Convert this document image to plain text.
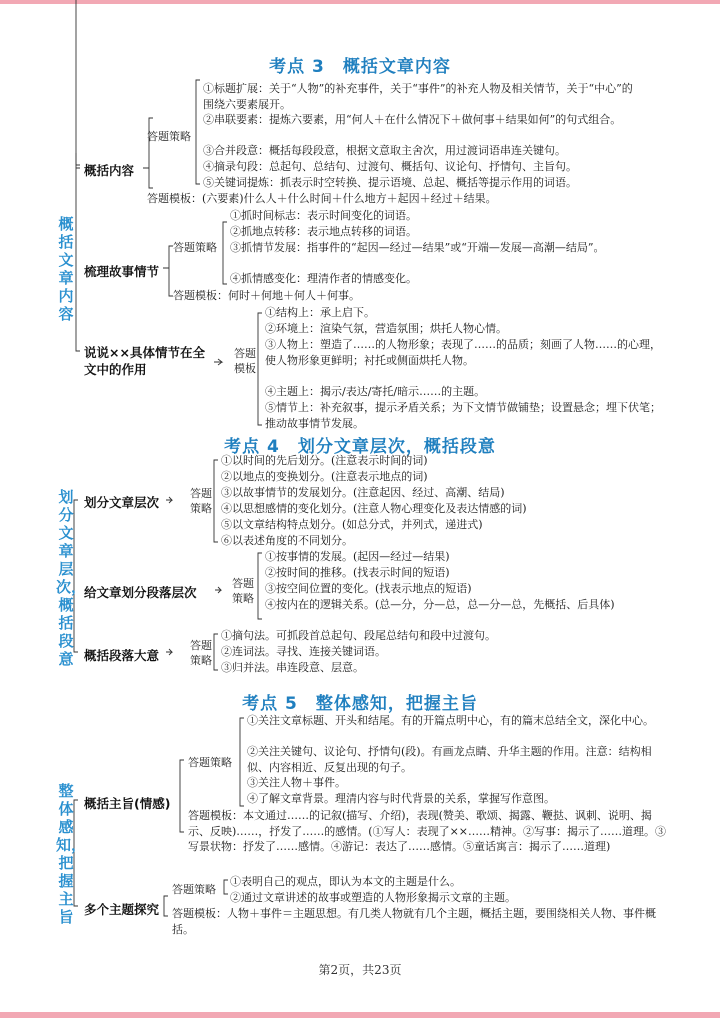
考点 3　概括文章内容
概括文章内容
概括内容
答题策略
①标题扩展：关于“人物”的补充事件，关于“事件”的补充人物及相关情节，关于“中心”的围绕六要素展开。
②串联要素：提炼六要素，用“何人＋在什么情况下＋做何事＋结果如何”的句式组合。
③合并段意：概括每段段意，根据文意取主舍次，用过渡词语串连关键句。
④摘录句段：总起句、总结句、过渡句、概括句、议论句、抒情句、主旨句。
⑤关键词提炼：抓表示时空转换、提示语境、总起、概括等提示作用的词语。
答题模板：(六要素)什么人＋什么时间＋什么地方＋起因＋经过＋结果。
梳理故事情节
答题策略
①抓时间标志：表示时间变化的词语。
②抓地点转移：表示地点转移的词语。
③抓情节发展：指事件的“起因—经过—结果”或“开端—发展—高潮—结局”。
④抓情感变化：理清作者的情感变化。
答题模板：何时＋何地＋何人＋何事。
说说××具体情节在全文中的作用
答题模板
①结构上：承上启下。
②环境上：渲染气氛，营造氛围；烘托人物心情。
③人物上：塑造了……的人物形象；表现了……的品质；刻画了人物……的心理，使人物形象更鲜明；衬托或侧面烘托人物。
④主题上：揭示/表达/寄托/暗示……的主题。
⑤情节上：补充叙事，提示矛盾关系；为下文情节做铺垫；设置悬念；埋下伏笔；推动故事情节发展。
考点 4　划分文章层次，概括段意
划分文章层次，概括段意
划分文章层次
答题策略
①以时间的先后划分。(注意表示时间的词)
②以地点的变换划分。(注意表示地点的词)
③以故事情节的发展划分。(注意起因、经过、高潮、结局)
④以思想感情的变化划分。(注意人物心理变化及表达情感的词)
⑤以文章结构特点划分。(如总分式，并列式，递进式)
⑥以表述角度的不同划分。
给文章划分段落层次
答题策略
①按事情的发展。(起因—经过—结果)
②按时间的推移。(找表示时间的短语)
③按空间位置的变化。(找表示地点的短语)
④按内在的逻辑关系。(总—分，分—总，总—分—总，先概括、后具体)
概括段落大意
答题策略
①摘句法。可抓段首总起句、段尾总结句和段中过渡句。
②连词法。寻找、连接关键词语。
③归并法。串连段意、层意。
考点 5　整体感知，把握主旨
整体感知，把握主旨
概括主旨(情感)
答题策略
①关注文章标题、开头和结尾。有的开篇点明中心，有的篇末总结全文，深化中心。
②关注关键句、议论句、抒情句(段)。有画龙点睛、升华主题的作用。注意：结构相似、内容相近、反复出现的句子。
③关注人物＋事件。
④了解文章背景。理清内容与时代背景的关系，掌握写作意图。
答题模板：本文通过……的记叙(描写、介绍)，表现(赞美、歌颂、揭露、鞭挞、讽刺、说明、揭示、反映)……，抒发了……的感情。(①写人：表现了××……精神。②写事：揭示了……道理。③写景状物：抒发了……感情。④游记：表达了……感情。⑤童话寓言：揭示了……道理)
多个主题探究
答题策略
①表明自己的观点，即认为本文的主题是什么。
②通过文章讲述的故事或塑造的人物形象揭示文章的主题。
答题模板：人物＋事件＝主题思想。有几类人物就有几个主题，概括主题，要围绕相关人物、事件概括。
第2页，共23页
